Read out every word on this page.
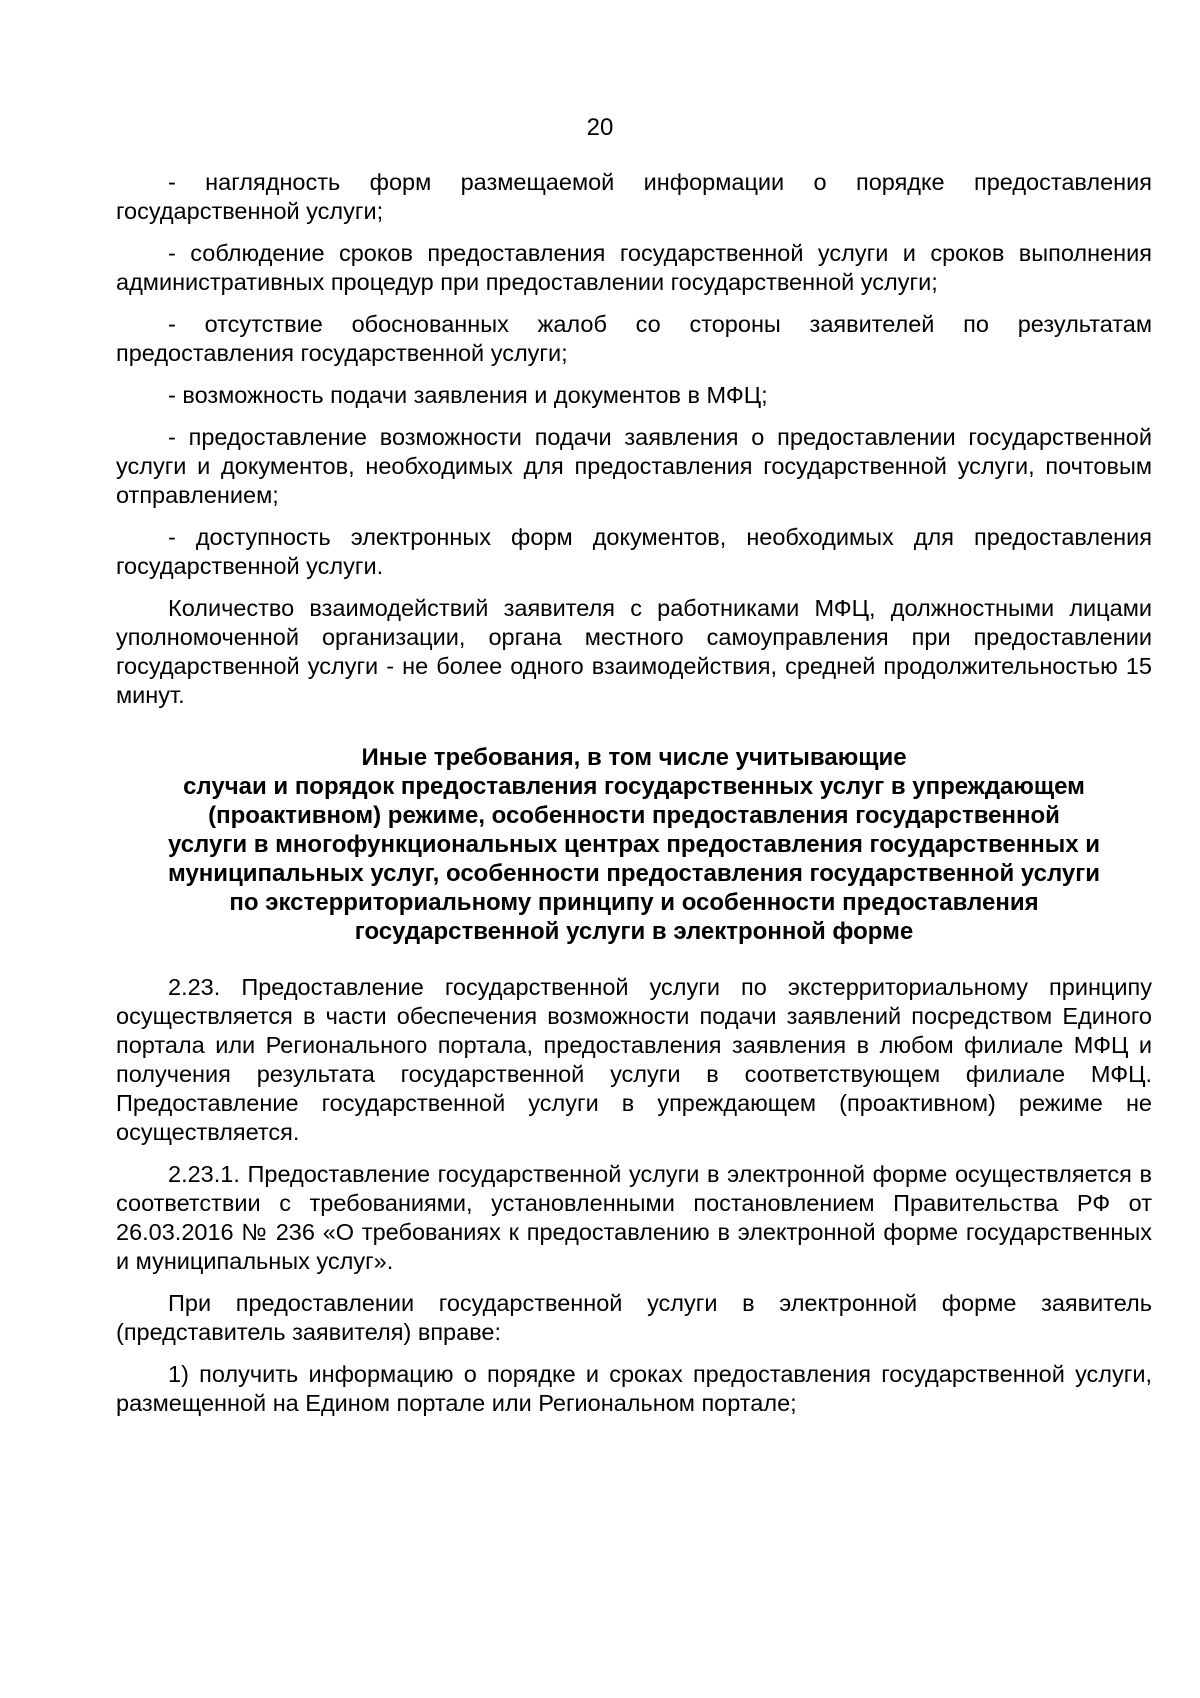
20

- наглядность форм размещаемой информации о порядке предоставления государственной услуги;

- соблюдение сроков предоставления государственной услуги и сроков выполнения административных процедур при предоставлении государственной услуги;

- отсутствие обоснованных жалоб со стороны заявителей по результатам предоставления государственной услуги;

- возможность подачи заявления и документов в МФЦ;

- предоставление возможности подачи заявления о предоставлении государственной услуги и документов, необходимых для предоставления государственной услуги, почтовым отправлением;

- доступность электронных форм документов, необходимых для предоставления государственной услуги.

Количество взаимодействий заявителя с работниками МФЦ, должностными лицами уполномоченной организации, органа местного самоуправления при предоставлении государственной услуги - не более одного взаимодействия, средней продолжительностью 15 минут.

Иные требования, в том числе учитывающие
случаи и порядок предоставления государственных услуг в упреждающем
(проактивном) режиме, особенности предоставления государственной
услуги в многофункциональных центрах предоставления государственных и
муниципальных услуг, особенности предоставления государственной услуги
по экстерриториальному принципу и особенности предоставления
государственной услуги в электронной форме

2.23. Предоставление государственной услуги по экстерриториальному принципу осуществляется в части обеспечения возможности подачи заявлений посредством Единого портала или Регионального портала, предоставления заявления в любом филиале МФЦ и получения результата государственной услуги в соответствующем филиале МФЦ. Предоставление государственной услуги в упреждающем (проактивном) режиме не осуществляется.

2.23.1. Предоставление государственной услуги в электронной форме осуществляется в соответствии с требованиями, установленными постановлением Правительства РФ от 26.03.2016 № 236 «О требованиях к предоставлению в электронной форме государственных и муниципальных услуг».

При предоставлении государственной услуги в электронной форме заявитель (представитель заявителя) вправе:

1) получить информацию о порядке и сроках предоставления государственной услуги, размещенной на Едином портале или Региональном портале;
